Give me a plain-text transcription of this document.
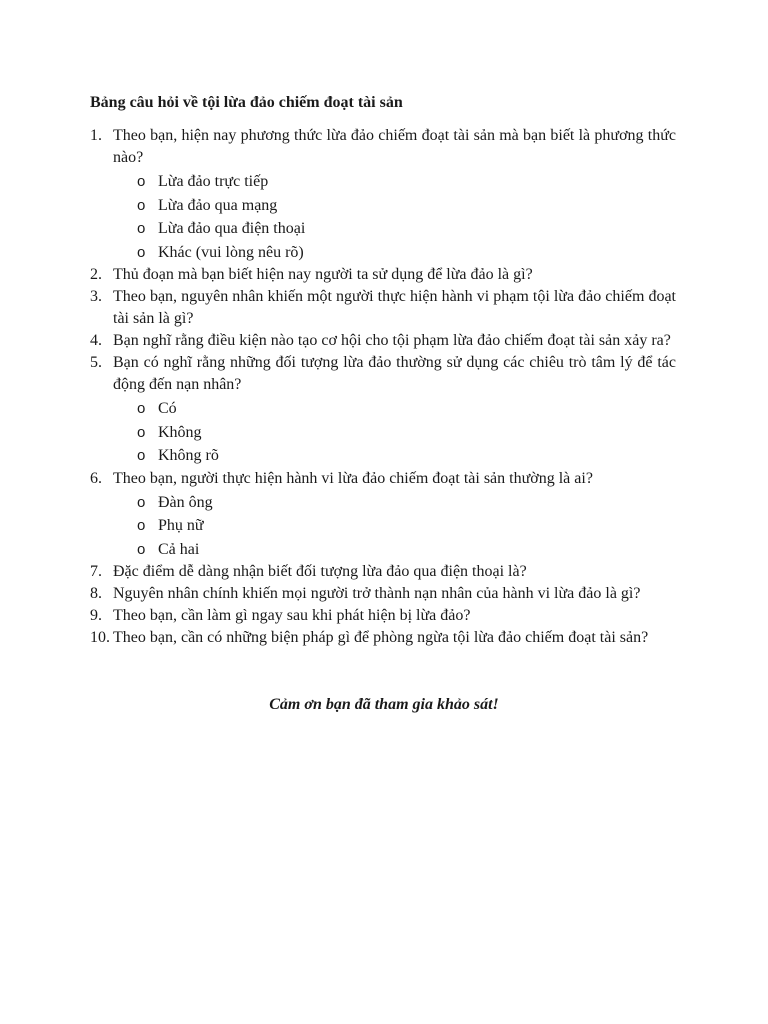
Bảng câu hỏi về tội lừa đảo chiếm đoạt tài sản
1. Theo bạn, hiện nay phương thức lừa đảo chiếm đoạt tài sản mà bạn biết là phương thức nào?
o Lừa đảo trực tiếp
o Lừa đảo qua mạng
o Lừa đảo qua điện thoại
o Khác (vui lòng nêu rõ)
2. Thủ đoạn mà bạn biết hiện nay người ta sử dụng để lừa đảo là gì?
3. Theo bạn, nguyên nhân khiến một người thực hiện hành vi phạm tội lừa đảo chiếm đoạt tài sản là gì?
4. Bạn nghĩ rằng điều kiện nào tạo cơ hội cho tội phạm lừa đảo chiếm đoạt tài sản xảy ra?
5. Bạn có nghĩ rằng những đối tượng lừa đảo thường sử dụng các chiêu trò tâm lý để tác động đến nạn nhân?
o Có
o Không
o Không rõ
6. Theo bạn, người thực hiện hành vi lừa đảo chiếm đoạt tài sản thường là ai?
o Đàn ông
o Phụ nữ
o Cả hai
7. Đặc điểm dễ dàng nhận biết đối tượng lừa đảo qua điện thoại là?
8. Nguyên nhân chính khiến mọi người trở thành nạn nhân của hành vi lừa đảo là gì?
9. Theo bạn, cần làm gì ngay sau khi phát hiện bị lừa đảo?
10. Theo bạn, cần có những biện pháp gì để phòng ngừa tội lừa đảo chiếm đoạt tài sản?
Cảm ơn bạn đã tham gia khảo sát!
